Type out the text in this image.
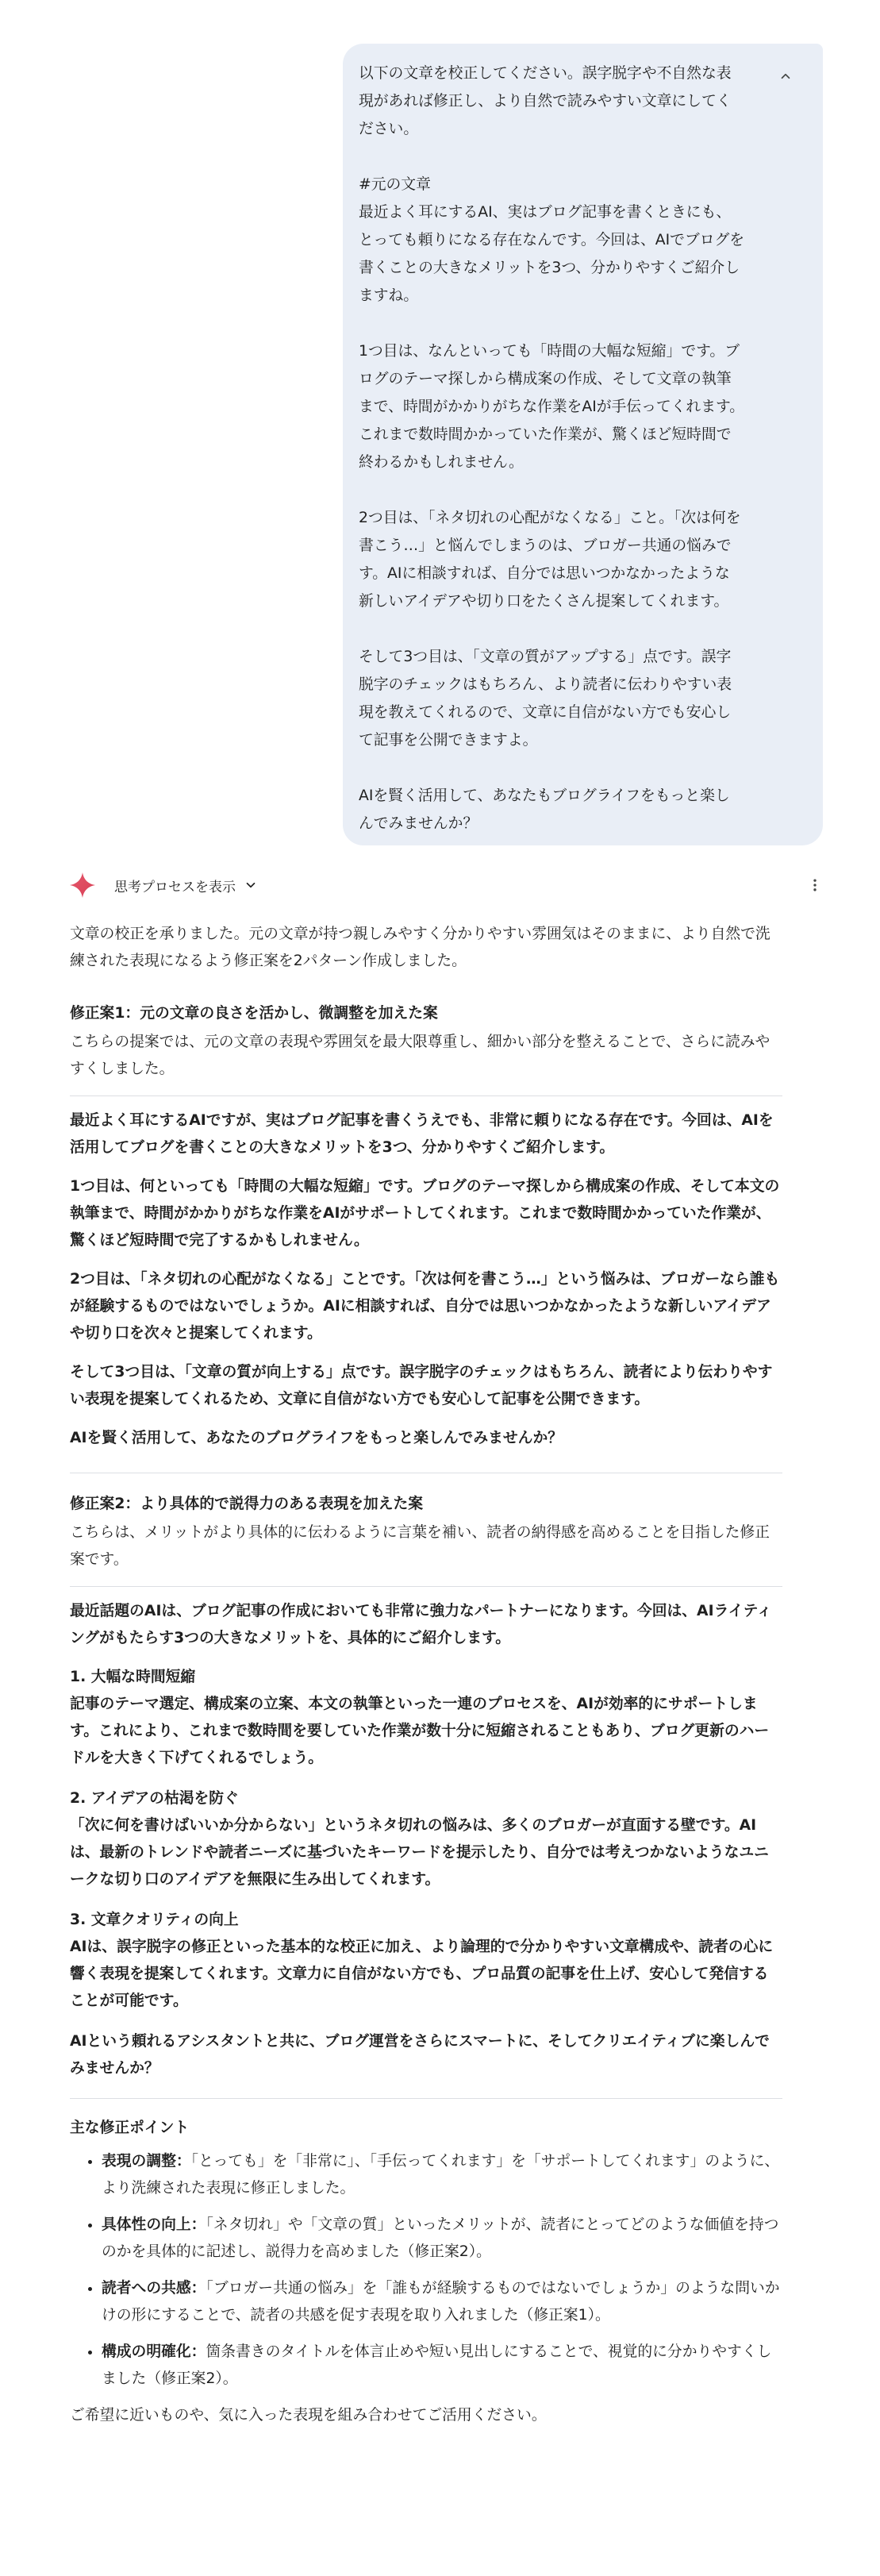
以下の文章を校正してください。誤字脱字や不自然な表
現があれば修正し、より自然で読みやすい文章にしてく
ださい。

#元の文章
最近よく耳にするAI、実はブログ記事を書くときにも、
とっても頼りになる存在なんです。今回は、AIでブログを
書くことの大きなメリットを3つ、分かりやすくご紹介し
ますね。

1つ目は、なんといっても「時間の大幅な短縮」です。ブ
ログのテーマ探しから構成案の作成、そして文章の執筆
まで、時間がかかりがちな作業をAIが手伝ってくれます。
これまで数時間かかっていた作業が、驚くほど短時間で
終わるかもしれません。

2つ目は、「ネタ切れの心配がなくなる」こと。「次は何を
書こう…」と悩んでしまうのは、ブロガー共通の悩みで
す。AIに相談すれば、自分では思いつかなかったような
新しいアイデアや切り口をたくさん提案してくれます。

そして3つ目は、「文章の質がアップする」点です。誤字
脱字のチェックはもちろん、より読者に伝わりやすい表
現を教えてくれるので、文章に自信がない方でも安心し
て記事を公開できますよ。

AIを賢く活用して、あなたもブログライフをもっと楽し
んでみませんか？

思考プロセスを表示

文章の校正を承りました。元の文章が持つ親しみやすく分かりやすい雰囲気はそのままに、より自然で洗練された表現になるよう修正案を2パターン作成しました。

修正案1：元の文章の良さを活かし、微調整を加えた案

こちらの提案では、元の文章の表現や雰囲気を最大限尊重し、細かい部分を整えることで、さらに読みやすくしました。

最近よく耳にするAIですが、実はブログ記事を書くうえでも、非常に頼りになる存在です。今回は、AIを活用してブログを書くことの大きなメリットを3つ、分かりやすくご紹介します。

1つ目は、何といっても「時間の大幅な短縮」です。ブログのテーマ探しから構成案の作成、そして本文の執筆まで、時間がかかりがちな作業をAIがサポートしてくれます。これまで数時間かかっていた作業が、驚くほど短時間で完了するかもしれません。

2つ目は、「ネタ切れの心配がなくなる」ことです。「次は何を書こう…」という悩みは、ブロガーなら誰もが経験するものではないでしょうか。AIに相談すれば、自分では思いつかなかったような新しいアイデアや切り口を次々と提案してくれます。

そして3つ目は、「文章の質が向上する」点です。誤字脱字のチェックはもちろん、読者により伝わりやすい表現を提案してくれるため、文章に自信がない方でも安心して記事を公開できます。

AIを賢く活用して、あなたのブログライフをもっと楽しんでみませんか？

修正案2：より具体的で説得力のある表現を加えた案

こちらは、メリットがより具体的に伝わるように言葉を補い、読者の納得感を高めることを目指した修正案です。

最近話題のAIは、ブログ記事の作成においても非常に強力なパートナーになります。今回は、AIライティングがもたらす3つの大きなメリットを、具体的にご紹介します。

1. 大幅な時間短縮

記事のテーマ選定、構成案の立案、本文の執筆といった一連のプロセスを、AIが効率的にサポートします。これにより、これまで数時間を要していた作業が数十分に短縮されることもあり、ブログ更新のハードルを大きく下げてくれるでしょう。

2. アイデアの枯渇を防ぐ

「次に何を書けばいいか分からない」というネタ切れの悩みは、多くのブロガーが直面する壁です。AIは、最新のトレンドや読者ニーズに基づいたキーワードを提示したり、自分では考えつかないようなユニークな切り口のアイデアを無限に生み出してくれます。

3. 文章クオリティの向上

AIは、誤字脱字の修正といった基本的な校正に加え、より論理的で分かりやすい文章構成や、読者の心に響く表現を提案してくれます。文章力に自信がない方でも、プロ品質の記事を仕上げ、安心して発信することが可能です。

AIという頼れるアシスタントと共に、ブログ運営をさらにスマートに、そしてクリエイティブに楽しんでみませんか？

主な修正ポイント

• 表現の調整：「とっても」を「非常に」、「手伝ってくれます」を「サポートしてくれます」のように、より洗練された表現に修正しました。
• 具体性の向上：「ネタ切れ」や「文章の質」といったメリットが、読者にとってどのような価値を持つのかを具体的に記述し、説得力を高めました（修正案2）。
• 読者への共感：「ブロガー共通の悩み」を「誰もが経験するものではないでしょうか」のような問いかけの形にすることで、読者の共感を促す表現を取り入れました（修正案1）。
• 構成の明確化：箇条書きのタイトルを体言止めや短い見出しにすることで、視覚的に分かりやすくしました（修正案2）。

ご希望に近いものや、気に入った表現を組み合わせてご活用ください。
